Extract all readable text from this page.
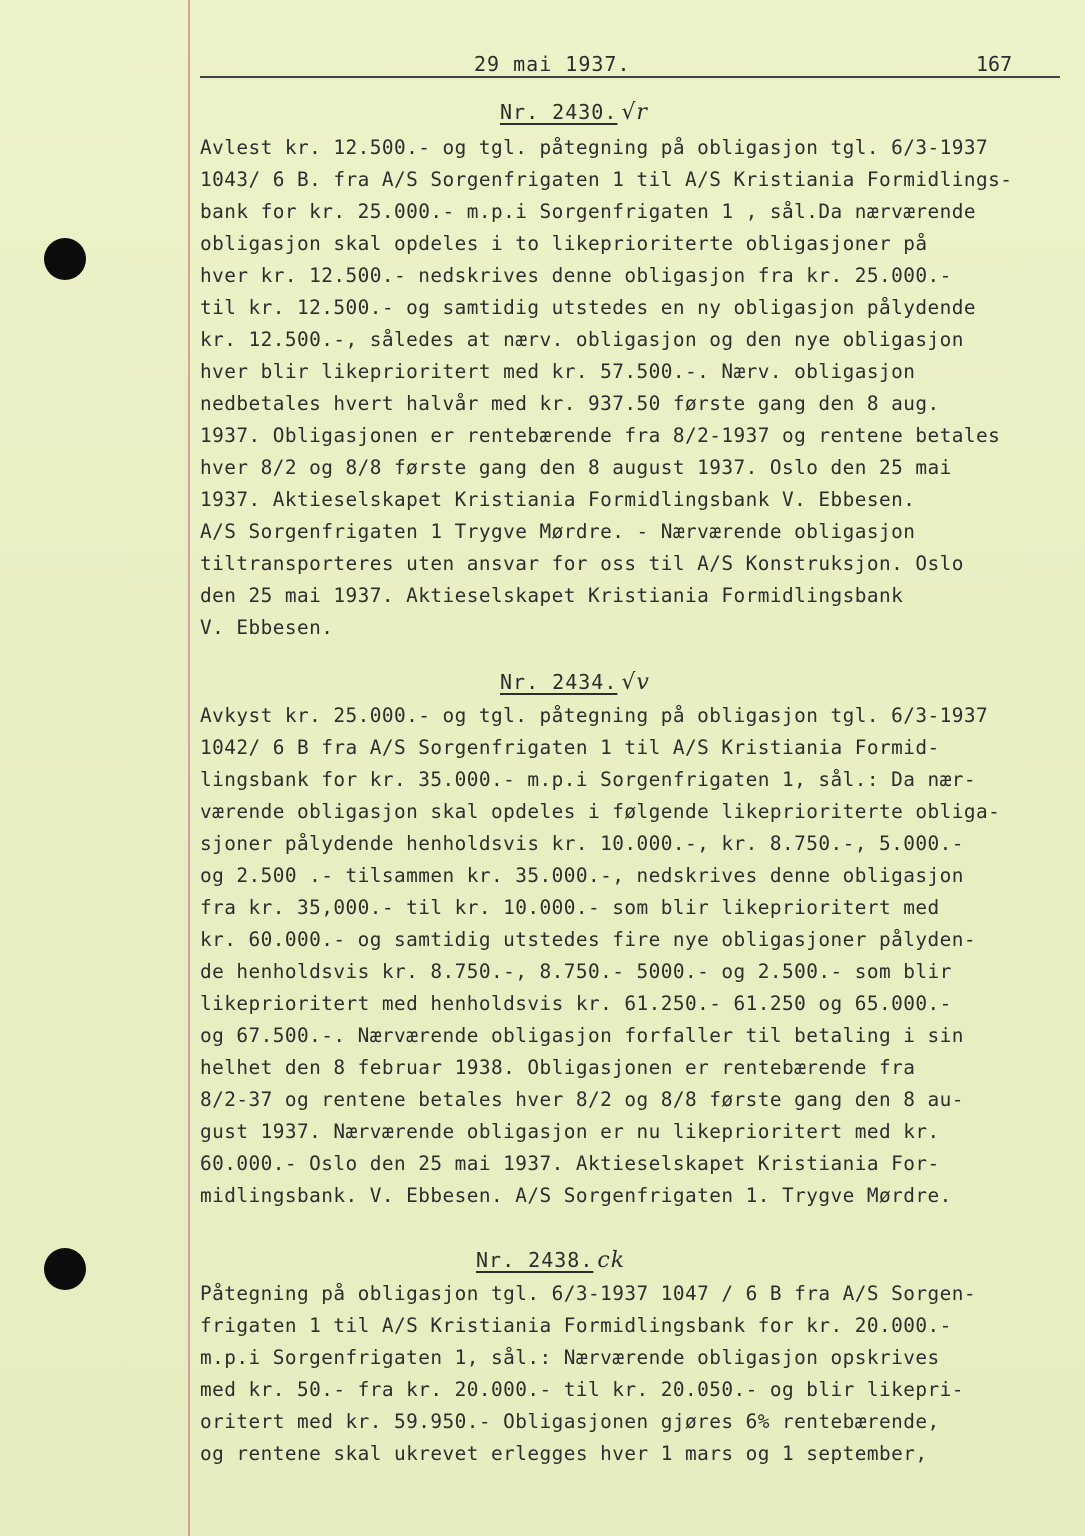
29 mai 1937.	167
Nr. 2430. √r
Avlest kr. 12.500.- og tgl. påtegning på obligasjon tgl. 6/3-1937
1043/ 6 B. fra A/S Sorgenfrigaten 1 til A/S Kristiania Formidlings-
bank for kr. 25.000.- m.p.i Sorgenfrigaten 1 , sål.Da nærværende
obligasjon skal opdeles i to likeprioriterte obligasjoner på
hver kr. 12.500.- nedskrives denne obligasjon fra kr. 25.000.-
til kr. 12.500.- og samtidig utstedes en ny obligasjon pålydende
kr. 12.500.-, således at nærv. obligasjon og den nye obligasjon
hver blir likeprioritert med kr. 57.500.-. Nærv. obligasjon
nedbetales hvert halvår med kr. 937.50 første gang den 8 aug.
1937. Obligasjonen er rentebærende fra 8/2-1937 og rentene betales
hver 8/2 og 8/8 første gang den 8 august 1937. Oslo den 25 mai
1937. Aktieselskapet Kristiania Formidlingsbank V. Ebbesen.
A/S Sorgenfrigaten 1 Trygve Mørdre. - Nærværende obligasjon
tiltransporteres uten ansvar for oss til A/S Konstruksjon. Oslo
den 25 mai 1937. Aktieselskapet Kristiania Formidlingsbank
V. Ebbesen.
Nr. 2434. √v
Avkyst kr. 25.000.- og tgl. påtegning på obligasjon tgl. 6/3-1937
1042/ 6 B fra A/S Sorgenfrigaten 1 til A/S Kristiania Formid-
lingsbank for kr. 35.000.- m.p.i Sorgenfrigaten 1, sål.: Da nær-
værende obligasjon skal opdeles i følgende likeprioriterte obliga-
sjoner pålydende henholdsvis kr. 10.000.-, kr. 8.750.-, 5.000.-
og 2.500 .- tilsammen kr. 35.000.-, nedskrives denne obligasjon
fra kr. 35,000.- til kr. 10.000.- som blir likeprioritert med
kr. 60.000.- og samtidig utstedes fire nye obligasjoner pålyden-
de henholdsvis kr. 8.750.-, 8.750.- 5000.- og 2.500.- som blir
likeprioritert med henholdsvis kr. 61.250.- 61.250 og 65.000.-
og 67.500.-. Nærværende obligasjon forfaller til betaling i sin
helhet den 8 februar 1938. Obligasjonen er rentebærende fra
8/2-37 og rentene betales hver 8/2 og 8/8 første gang den 8 au-
gust 1937. Nærværende obligasjon er nu likeprioritert med kr.
60.000.- Oslo den 25 mai 1937. Aktieselskapet Kristiania For-
midlingsbank. V. Ebbesen. A/S Sorgenfrigaten 1. Trygve Mørdre.
Nr. 2438. ck
Påtegning på obligasjon tgl. 6/3-1937 1047 / 6 B fra A/S Sorgen-
frigaten 1 til A/S Kristiania Formidlingsbank for kr. 20.000.-
m.p.i Sorgenfrigaten 1, sål.: Nærværende obligasjon opskrives
med kr. 50.- fra kr. 20.000.- til kr. 20.050.- og blir likepri-
oritert med kr. 59.950.- Obligasjonen gjøres 6% rentebærende,
og rentene skal ukrevet erlegges hver 1 mars og 1 september,
